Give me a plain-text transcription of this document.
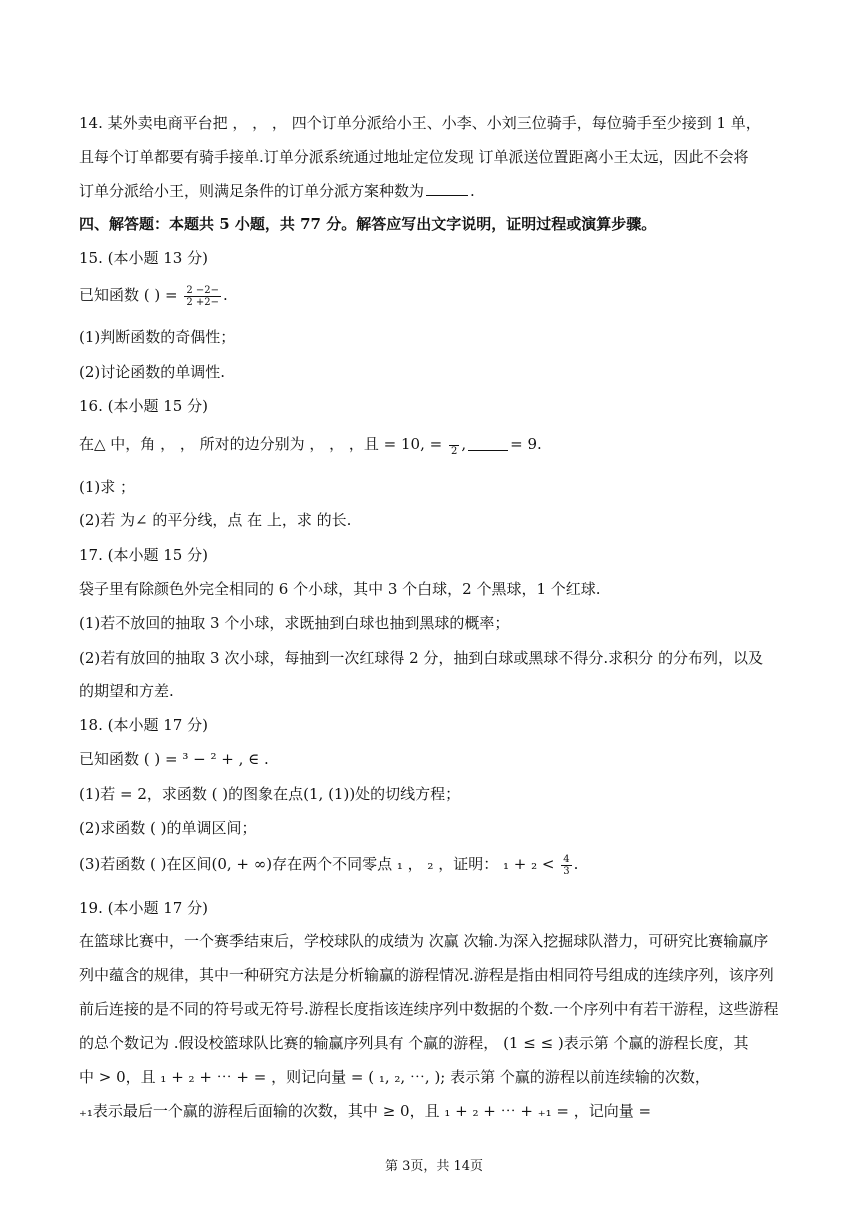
14. 某外卖电商平台把 ， ， ， 四个订单分派给小王、小李、小刘三位骑手，每位骑手至少接到 1 单，
且每个订单都要有骑手接单.订单分派系统通过地址定位发现 订单派送位置距离小王太远，因此不会将
订单分派给小王，则满足条件的订单分派方案种数为	.
四、解答题：本题共 5 小题，共 77 分。解答应写出文字说明，证明过程或演算步骤。
15. (本小题 13 分)
已知函数 ( ) = $\frac{2 -2-}{2 +2-}$ .
(1)判断函数的奇偶性；
(2)讨论函数的单调性.
16. (本小题 15 分)
在△ 中，角 ， ， 所对的边分别为 ， ， ，且 = 10, = 2 ,	= 9.
(1)求 ；
(2)若 为∠ 的平分线，点 在 上，求 的长.
17. (本小题 15 分)
袋子里有除颜色外完全相同的 6 个小球，其中 3 个白球，2 个黑球，1 个红球.
(1)若不放回的抽取 3 个小球，求既抽到白球也抽到黑球的概率；
(2)若有放回的抽取 3 次小球，每抽到一次红球得 2 分，抽到白球或黑球不得分.求积分 的分布列，以及
的期望和方差.
18. (本小题 17 分)
已知函数 ( ) = ³ − ² + , ∈ .
(1)若 = 2，求函数 ( )的图象在点(1, (1))处的切线方程；
(2)求函数 ( )的单调区间；
(3)若函数 ( )在区间(0, + ∞)存在两个不同零点 ₁ ， ₂ ，证明： $_1 + _2 < \frac{4}{3}$ .
19. (本小题 17 分)
在篮球比赛中，一个赛季结束后，学校球队的成绩为 次赢 次输.为深入挖掘球队潜力，可研究比赛输赢序
列中蕴含的规律，其中一种研究方法是分析输赢的游程情况.游程是指由相同符号组成的连续序列，该序列
前后连接的是不同的符号或无符号.游程长度指该连续序列中数据的个数.一个序列中有若干游程，这些游程
的总个数记为 .假设校篮球队比赛的输赢序列具有 个赢的游程， (1 ≤ ≤ )表示第 个赢的游程长度，其
中 > 0，且 ₁ + ₂ + ⋯ + = ，则记向量 = ( ₁, ₂, ⋯, ); 表示第 个赢的游程以前连续输的次数，
₊₁表示最后一个赢的游程后面输的次数，其中 ≥ 0，且 ₁ + ₂ + ⋯ + ₊₁ = ，记向量 =
第 3页，共 14页
